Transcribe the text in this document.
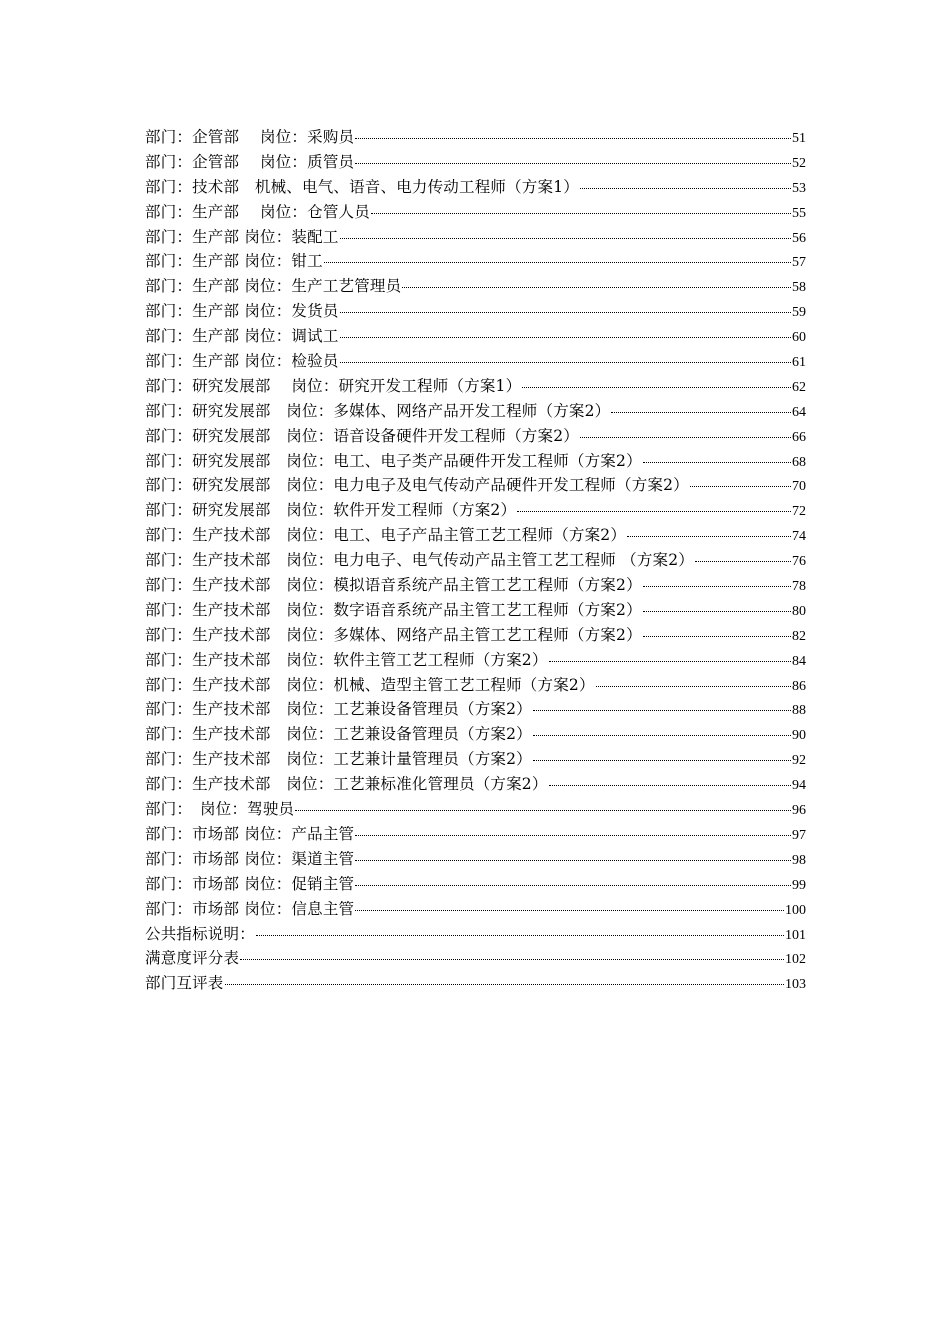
部门：企管部　 岗位：采购员	51
部门：企管部　 岗位：质管员	52
部门：技术部　机械、电气、语音、电力传动工程师（方案1）	53
部门：生产部　 岗位：仓管人员	55
部门：生产部 岗位：装配工	56
部门：生产部 岗位：钳工	57
部门：生产部 岗位：生产工艺管理员	58
部门：生产部 岗位：发货员	59
部门：生产部 岗位：调试工	60
部门：生产部 岗位：检验员	61
部门：研究发展部　 岗位：研究开发工程师（方案1）	62
部门：研究发展部　岗位：多媒体、网络产品开发工程师（方案2）	64
部门：研究发展部　岗位：语音设备硬件开发工程师（方案2）	66
部门：研究发展部　岗位：电工、电子类产品硬件开发工程师（方案2）	68
部门：研究发展部　岗位：电力电子及电气传动产品硬件开发工程师（方案2）	70
部门：研究发展部　岗位：软件开发工程师（方案2）	72
部门：生产技术部　岗位：电工、电子产品主管工艺工程师（方案2）	74
部门：生产技术部　岗位：电力电子、电气传动产品主管工艺工程师 （方案2）	76
部门：生产技术部　岗位：模拟语音系统产品主管工艺工程师（方案2）	78
部门：生产技术部　岗位：数字语音系统产品主管工艺工程师（方案2）	80
部门：生产技术部　岗位：多媒体、网络产品主管工艺工程师（方案2）	82
部门：生产技术部　岗位：软件主管工艺工程师（方案2）	84
部门：生产技术部　岗位：机械、造型主管工艺工程师（方案2）	86
部门：生产技术部　岗位：工艺兼设备管理员（方案2）	88
部门：生产技术部　岗位：工艺兼设备管理员（方案2）	90
部门：生产技术部　岗位：工艺兼计量管理员（方案2）	92
部门：生产技术部　岗位：工艺兼标准化管理员（方案2）	94
部门：　岗位：驾驶员	96
部门：市场部 岗位：产品主管	97
部门：市场部 岗位：渠道主管	98
部门：市场部 岗位：促销主管	99
部门：市场部 岗位：信息主管	100
公共指标说明：	101
满意度评分表	102
部门互评表	103
